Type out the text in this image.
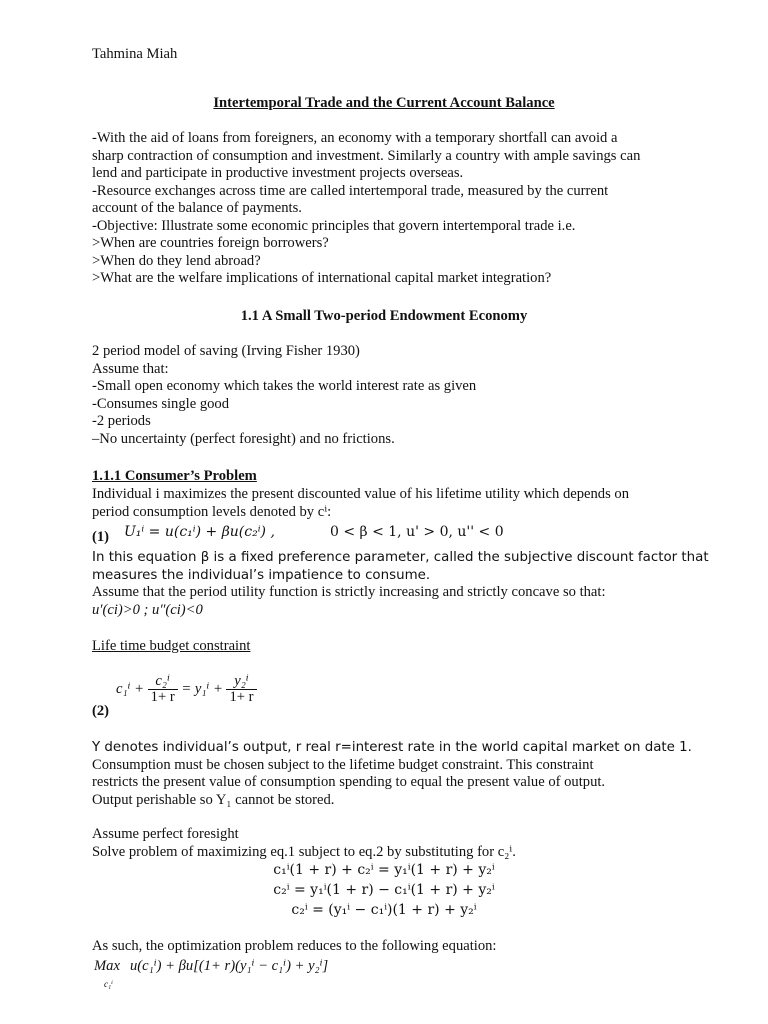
Tahmina Miah
Intertemporal Trade and the Current Account Balance

-With the aid of loans from foreigners, an economy with a temporary shortfall can avoid a

sharp contraction of consumption and investment. Similarly a country with ample savings can

lend and participate in productive investment projects overseas.

-Resource exchanges across time are called intertemporal trade, measured by the current

account of the balance of payments.

-Objective: Illustrate some economic principles that govern intertemporal trade i.e.

>When are countries foreign borrowers?

>When do they lend abroad?

>What are the welfare implications of international capital market integration?

1.1 A Small Two-period Endowment Economy

2 period model of saving (Irving Fisher 1930)

Assume that:

-Small open economy which takes the world interest rate as given

-Consumes single good

-2 periods

–No uncertainty (perfect foresight) and no frictions.

1.1.1 Consumer’s Problem
Individual i maximizes the present discounted value of his lifetime utility which depends on
period consumption levels denoted by cⁱ:
(1) U₁ⁱ = u(c₁ⁱ) + βu(c₂ⁱ) ,	0 < β < 1, u' > 0, u'' < 0

In this equation β is a fixed preference parameter, called the subjective discount factor that

measures the individual’s impatience to consume.

Assume that the period utility function is strictly increasing and strictly concave so that:
u′(ci)>0 ; u″(ci)<0
Life time budget constraint
$c_1^i + \frac{\text{c₂ⁱ}}{1+ r} = y_1^i + \frac{\text{y₂ⁱ}}{1+ r}$
(2)

Y denotes individual’s output, r real r=interest rate in the world capital market on date 1.

Consumption must be chosen subject to the lifetime budget constraint. This constraint

restricts the present value of consumption spending to equal the present value of output.

Output perishable so Y₁ cannot be stored.

Assume perfect foresight

Solve problem of maximizing eq.1 subject to eq.2 by substituting for c₂ⁱ.

c₁ⁱ(1 + r) + c₂ⁱ = y₁ⁱ(1 + r) + y₂ⁱ
c₂ⁱ = y₁ⁱ(1 + r) − c₁ⁱ(1 + r) + y₂ⁱ
c₂ⁱ = (y₁ⁱ − c₁ⁱ)(1 + r) + y₂ⁱ
As such, the optimization problem reduces to the following equation:
Max
c₁ⁱ
u(c₁ⁱ) + βu[(1+ r)(y₁ⁱ − c₁ⁱ) + y₂ⁱ]
